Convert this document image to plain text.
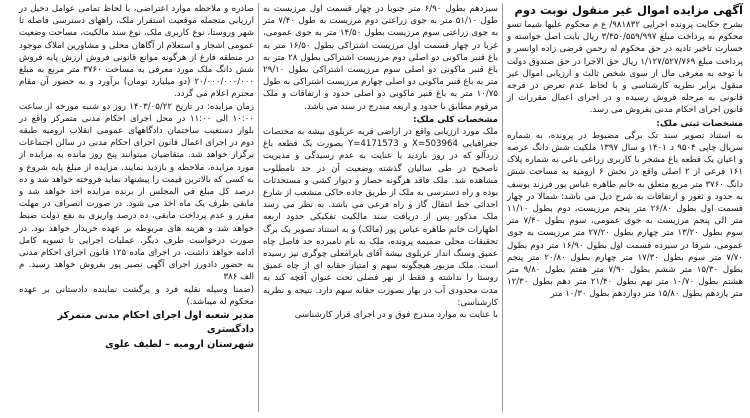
آگهی مزایده اموال غیر منقول نوبت دوم

بشرح حکایت پرونده اجرایی ۹۸۱۸۳۲/ ع م محکوم علیها شیما تسو محکوم به پرداخت مبلغ ۳/۴۵۰/۵۵۹/۹۹۷ ریال بابت اصل خواسته و خسارت تاخیر تادیه در حق محکوم له رحمن فرضی زاده اوانسر و پرداخت مبلغ ۱/۱۲۷/۵۲۷/۷۶۹ ریال حق الاجرا در حق صندوق دولت با توجه به معرفی مال از سوی شخص ثالث و ارزیابی اموال غیر منقول برابر نظریه کارشناسی و با لحاظ عدم تعرض در فرجه قانونی به مرحله فروش رسیده و در اجرای اعمال مقررات از قانون اجرای احکام مدنی بفروش می رسد.

مشخصات ثبتی ملک:

به استناد تصویر سند تک برگی مضبوط در پرونده، به شماره سریال چاپی ۹۵۰۴ د ۱۴۰۱ و سال ۱۳۹۷ ملکیت شش دانگ عرصه و اعیان یک قطعه باغ مشجر با کاربری زراعی باغی به شماره پلاک ۱۶۱ فرعی از ۲ اصلی واقع در بخش ۶ ارومیه به مساحت شش دانگ ۳۷۶۰ متر مربع متعلق به خانم طاهره عباس پور فرزند یوسف به حدود و ثغور و ارتفاقات به شرح ذیل می باشد: شمالا در چهار قسمت اول بطول ۲۶/۸۰ متر پنجم مرزیست، دوم بطول ۱۱/۱۰ متر الی پنجم مرزیست به جوی عمومی، سوم بطول ۷/۴۰ متر سوم بطول ۱۳/۲۰ متر چهارم بطول ۲۷/۲۰ متر مرزیست به جوی عمومی، شرقا در سیزده قسمت اول بطول ۱۶/۹۰ متر دوم بطول ۷/۷۰ متر سوم بطول ۱۷/۳۰ متر چهارم بطول ۲۰/۸۰ متر پنجم بطول ۱۵/۳۰ متر ششم بطول ۷/۹۰ متر هفتم بطول ۹/۸۰ متر هشتم بطول ۱۰/۷۰ متر نهم بطول ۲۱/۴۰ متر دهم بطول ۱۲/۳۰ متر یازدهم بطول ۱۵/۸۰ متر دوازدهم بطول ۱۰/۳۰ متر

سیزدهم بطول ۶/۹۰ متر جنوبا در چهار قسمت اول مرزیست به طول ۵۱/۱۰ متر به جوی زراعتی دوم مرزیست به طول ۷/۴۰ متر به جوی زراعتی سوم مرزیست بطول ۱۴/۵۰ متر به جوی عمومی، غربا در چهار قسمت اول مرزیست اشتراکی بطول ۱۶/۵۰ متر به باغ قنبر ماکونی دو اصلی دوم مرزیست اشتراکی بطول ۲۸ متر به باغ قنبر ماکونی دو اصلی سوم مرزیست اشتراکی بطول ۲۹/۱۰ متر به باغ قنبر ماکونی دو اصلی چهارم مرزیست اشتراکی به طول ۱۰/۷۵ متر به باغ قنبر ماکونی دو اصلی حدود و ارتفاقات و ملک مرقوم مطابق با حدود و اربعه مندرج در سند می باشد.

مشخصات کلی ملک:

ملک مورد ارزیابی واقع در اراضی قریه عربلوی بیشه به مختصات جغرافیایی X=503964 و Y=4171573 بصورت یک قطعه باغ زردآلو که در روز بازدید با عنایت به عدم رسیدگی و مدیریت ناصحیح در طی سالیان گذشته وضعیت آن در حد نامطلوب مشاهده شد. ملک فاقد هرگونه حصار و دیوار کشی و مستحدثات بوده و راه دسترسی به ملک از طریق جاده خاکی منشعب از شارع احداثی خط انتقال گاز و راه فرعی می باشد. به نظر می رسد ملک مذکور پس از دریافت سند مالکیت تفکیکی حدود اربعه اظهارات خانم طاهره عباس پور (مالک) و به استناد تصویر یک برگ تحقیقات محلی ضمیمه پرونده، ملک به نام نامبرده حد فاصل چاه عمیق وسنگ انداز عربلوی بیشه آقای بایرامعلی چوگری نیز رسیده است. ملک مزبور هیچگونه سهم و امتیاز حقابه ای از چاه عمیق روستا را نداشته و فقط از نهر فصلی تحت عنوان آقچه کند به مدت محدودی آب در بهار بصورت حقابه سهم دارد. نتیجه و نظریه کارشناسی:

با عنایت به موارد مندرج فوق و در اجرای قرار کارشناسی

صادره و ملاحظه موارد اعتراضی، با لحاظ تمامی عوامل دخیل در ارزیابی متجمله موقعیت استقرار ملک، راههای دسترسی فاصله تا شهر وروستا، نوع کاربری ملک، نوع سند مالکیت، مساحت وضعیت عمومی اشجار و استعلام از آگاهان محلی و مشاورین املاک موجود در منطقه فارغ از هرگونه موانع قانونی فروش ارزش پایه فروش شش دانگ ملک مورد معرفی به مساحت ۳۷۶۰ متر مربع به مبلغ ۲۰/۰۰۰/۰۰۰/۰۰۰ (دو میلیارد تومان) برآورد و به حضور آن مقام محترم اعلام می گردد.

زمان مزایده: در تاریخ ۱۴۰۳/۰۵/۲۲ روز دو شنبه مورخه از ساعت ۱۰:۰۰ الی ۱۱:۰۰ در محل اجرای احکام مدنی متمرکز واقع در بلوار دستغیب ساختمان دادگاههای عمومی انقلاب ارومیه طبقه دوم در اجرای اعمال قانون اجرای احکام مدنی در سالن اجتماعات برگزار خواهد شد. متقاضیان میتوانند پنج روز مانده به مزایده از مورد مزایده، ملاحظه و بازدید نمایند. مزایده از مبلغ پایه شروع و به کسی که بالاترین قیمت را پیشنهاد نماید فروخته خواهد شد و ده درصد کل مبلغ فی المجلس از برنده مزایده اخذ خواهد شد و مابقی ظرف یک ماه اخذ می شود. در صورت انصراف در مهلت مقرر و عدم پرداخت مابقی، ده درصد واریزی به نفع دولت ضبط خواهد شد و هزینه های مربوطه بر عهده خریدار خواهد بود. در صورت درخواست طرف دیگر، عملیات اجرایی تا تسویه کامل ادامه خواهد داشت، در اجرای ماده ۱۲۵ قانون اجرای احکام مدنی به حضور دادورز اجرای آگهی نصیر پور بفروش خواهد رسید. م الف ۳۸۶

(ضمنا وسیله نقلیه فرد و یرگشت نماینده دادستانی بر عهده محکوم له میباشد.)

مدیر شعبه اول اجرای احکام مدنی متمرکز دادگستری
شهرستان ارومیه – لطیف علوی
